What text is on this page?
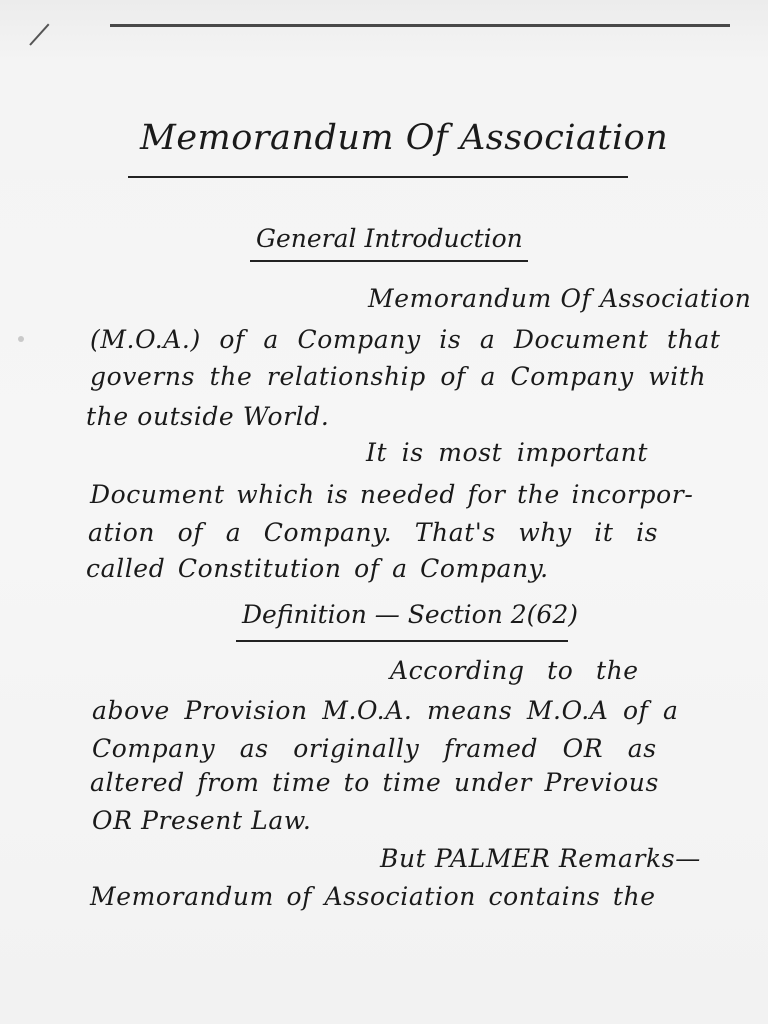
Memorandum Of Association
General Introduction
Memorandum Of Association
(M.O.A.) of a Company is a Document that
governs the relationship of a Company with
the outside World.
It is most important
Document which is needed for the incorpor-
ation of a Company. That's why it is
called Constitution of a Company.
Definition — Section 2(62)
According to the
above Provision M.O.A. means M.O.A of a
Company as originally framed OR as
altered from time to time under Previous
OR Present Law.
But PALMER Remarks—
Memorandum of Association contains the
